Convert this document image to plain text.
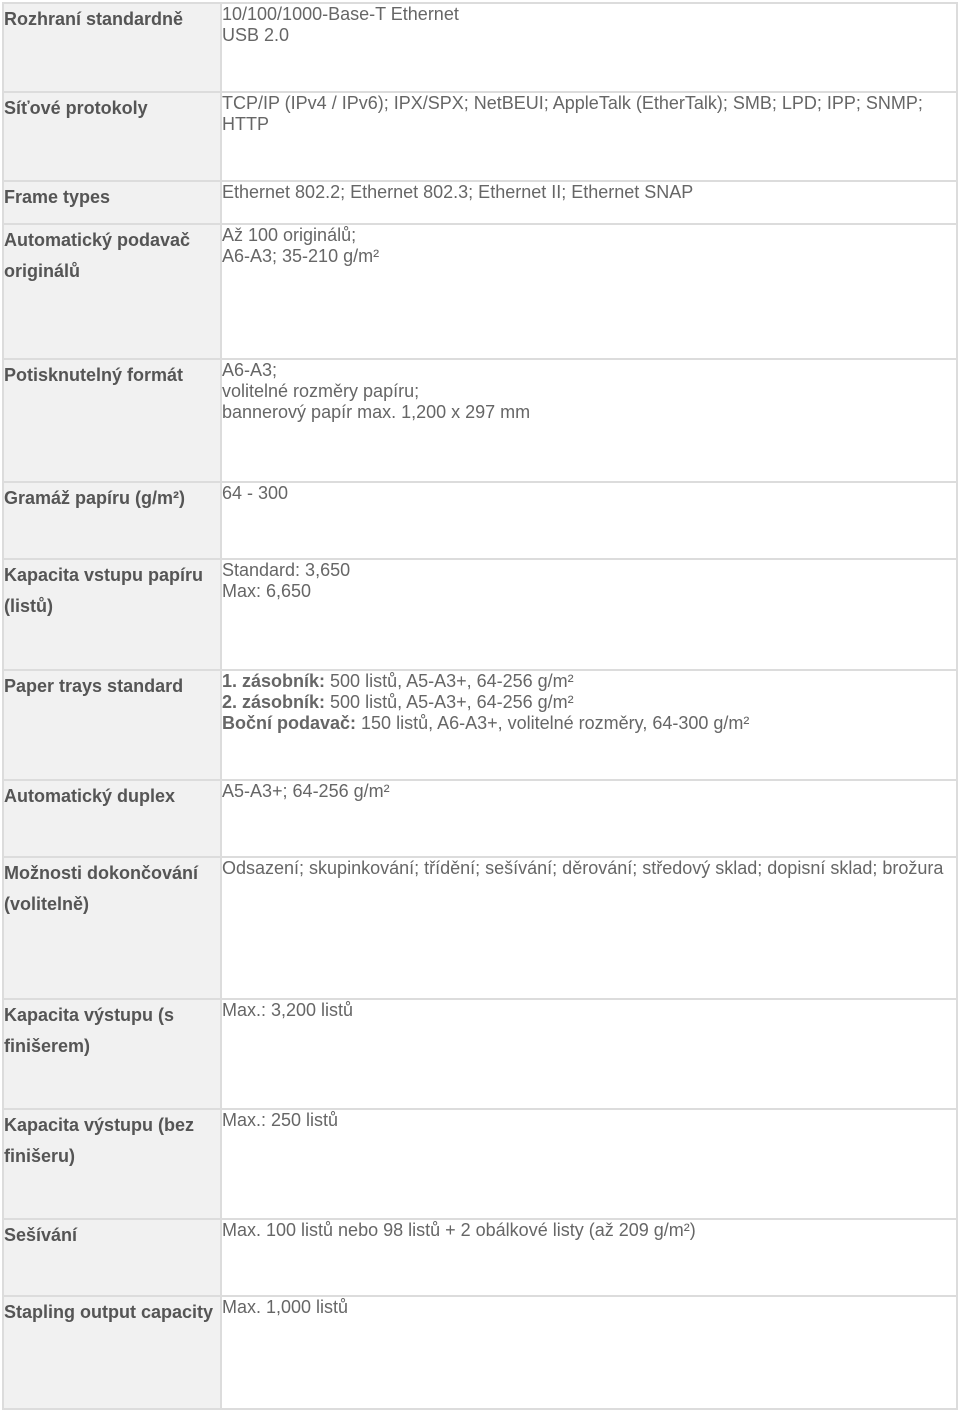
Rozhraní standardně	10/100/1000-Base-T Ethernet
USB 2.0

Síťové protokoly	TCP/IP (IPv4 / IPv6); IPX/SPX; NetBEUI; AppleTalk (EtherTalk); SMB; LPD; IPP; SNMP; HTTP

Frame types	Ethernet 802.2; Ethernet 802.3; Ethernet II; Ethernet SNAP

Automatický podavač originálů	Až 100 originálů;
A6-A3; 35-210 g/m²

Potisknutelný formát	A6-A3;
volitelné rozměry papíru;
bannerový papír max. 1,200 x 297 mm

Gramáž papíru (g/m²)	64 - 300

Kapacita vstupu papíru (listů)	Standard: 3,650
Max: 6,650

Paper trays standard	1. zásobník: 500 listů, A5-A3+, 64-256 g/m²
2. zásobník: 500 listů, A5-A3+, 64-256 g/m²
Boční podavač: 150 listů, A6-A3+, volitelné rozměry, 64-300 g/m²

Automatický duplex	A5-A3+; 64-256 g/m²

Možnosti dokončování (volitelně)	Odsazení; skupinkování; třídění; sešívání; děrování; středový sklad; dopisní sklad; brožura

Kapacita výstupu (s finišerem)	Max.: 3,200 listů

Kapacita výstupu (bez finišeru)	Max.: 250 listů

Sešívání	Max. 100 listů nebo 98 listů + 2 obálkové listy (až 209 g/m²)

Stapling output capacity	Max. 1,000 listů
